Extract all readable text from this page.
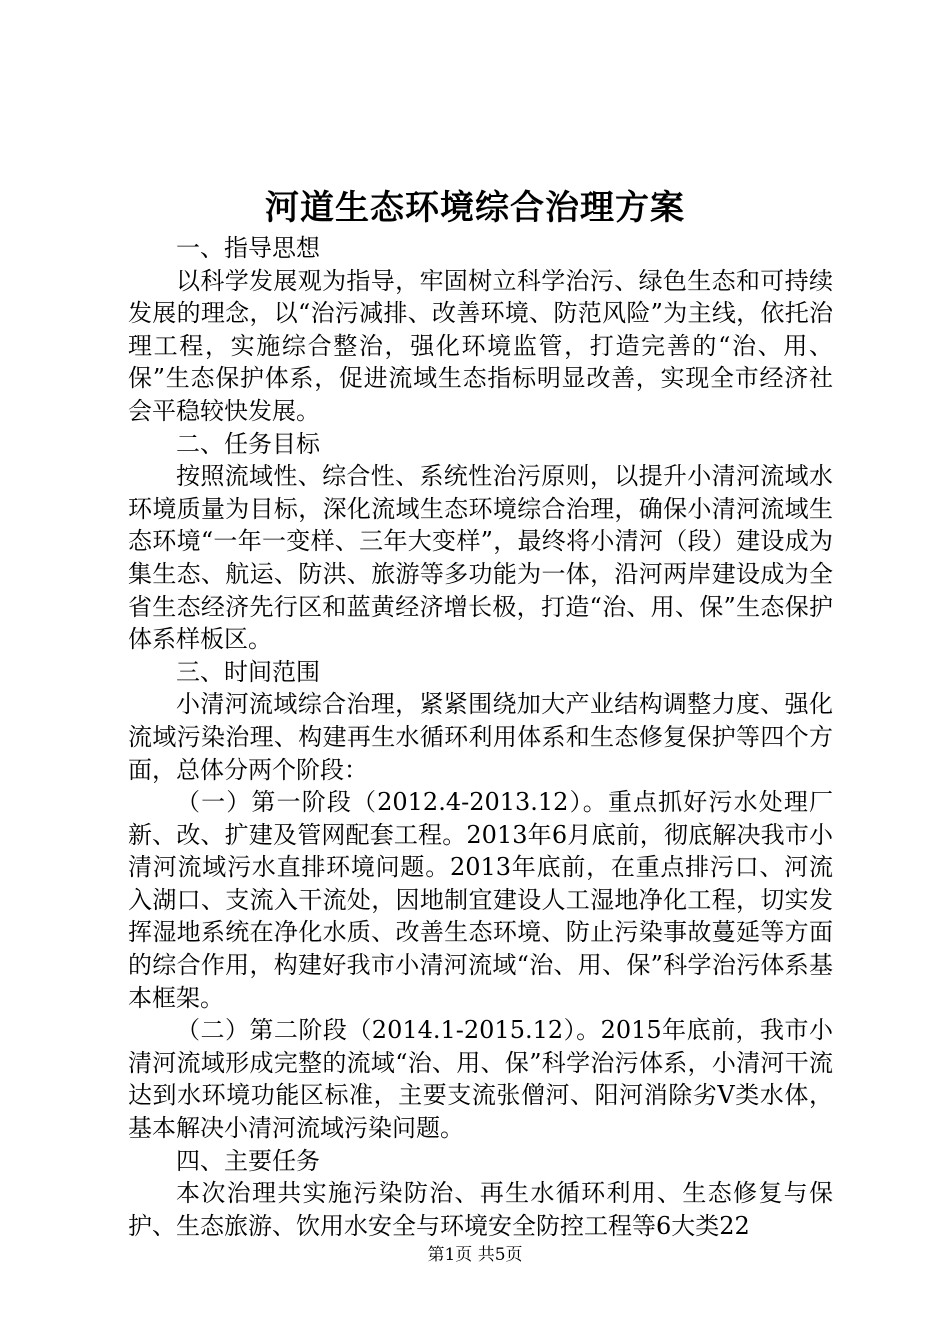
河道生态环境综合治理方案

一、指导思想

以科学发展观为指导，牢固树立科学治污、绿色生态和可持续发展的理念，以“治污减排、改善环境、防范风险”为主线，依托治理工程，实施综合整治，强化环境监管，打造完善的“治、用、保”生态保护体系，促进流域生态指标明显改善，实现全市经济社会平稳较快发展。

二、任务目标

按照流域性、综合性、系统性治污原则，以提升小清河流域水环境质量为目标，深化流域生态环境综合治理，确保小清河流域生态环境“一年一变样、三年大变样”，最终将小清河（段）建设成为集生态、航运、防洪、旅游等多功能为一体，沿河两岸建设成为全省生态经济先行区和蓝黄经济增长极，打造“治、用、保”生态保护体系样板区。

三、时间范围

小清河流域综合治理，紧紧围绕加大产业结构调整力度、强化流域污染治理、构建再生水循环利用体系和生态修复保护等四个方面，总体分两个阶段：

（一）第一阶段（2012.4-2013.12）。重点抓好污水处理厂新、改、扩建及管网配套工程。2013年6月底前，彻底解决我市小清河流域污水直排环境问题。2013年底前，在重点排污口、河流入湖口、支流入干流处，因地制宜建设人工湿地净化工程，切实发挥湿地系统在净化水质、改善生态环境、防止污染事故蔓延等方面的综合作用，构建好我市小清河流域“治、用、保”科学治污体系基本框架。

（二）第二阶段（2014.1-2015.12）。2015年底前，我市小清河流域形成完整的流域“治、用、保”科学治污体系，小清河干流达到水环境功能区标准，主要支流张僧河、阳河消除劣Ⅴ类水体，基本解决小清河流域污染问题。

四、主要任务

本次治理共实施污染防治、再生水循环利用、生态修复与保护、生态旅游、饮用水安全与环境安全防控工程等6大类22

第1页 共5页
